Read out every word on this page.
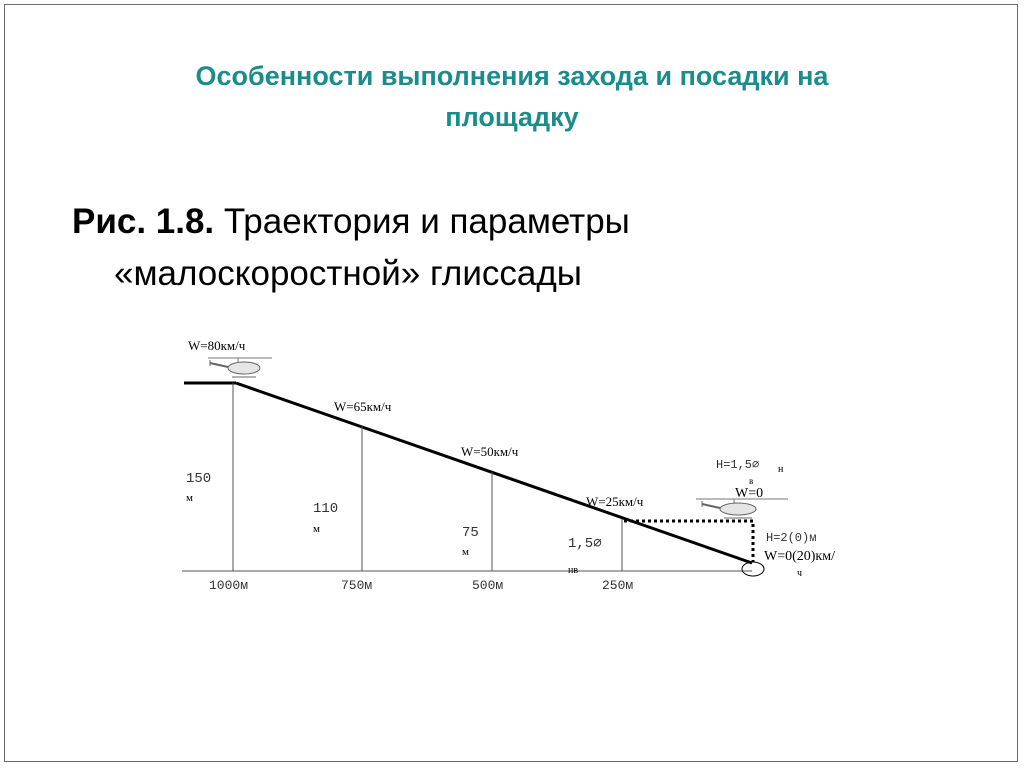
Особенности выполнения захода и посадки на
площадку
Рис. 1.8. Траектория и параметры
«малоскоростной» глиссады
W=80км/ч
W=65км/ч
W=50км/ч
W=25км/ч
150
м
110
м	75
м	1,5∅
нв
1000м	750м	500м	250м
H=1,5∅ н
в
W=0
H=2(0)м
W=0(20)км/
ч
